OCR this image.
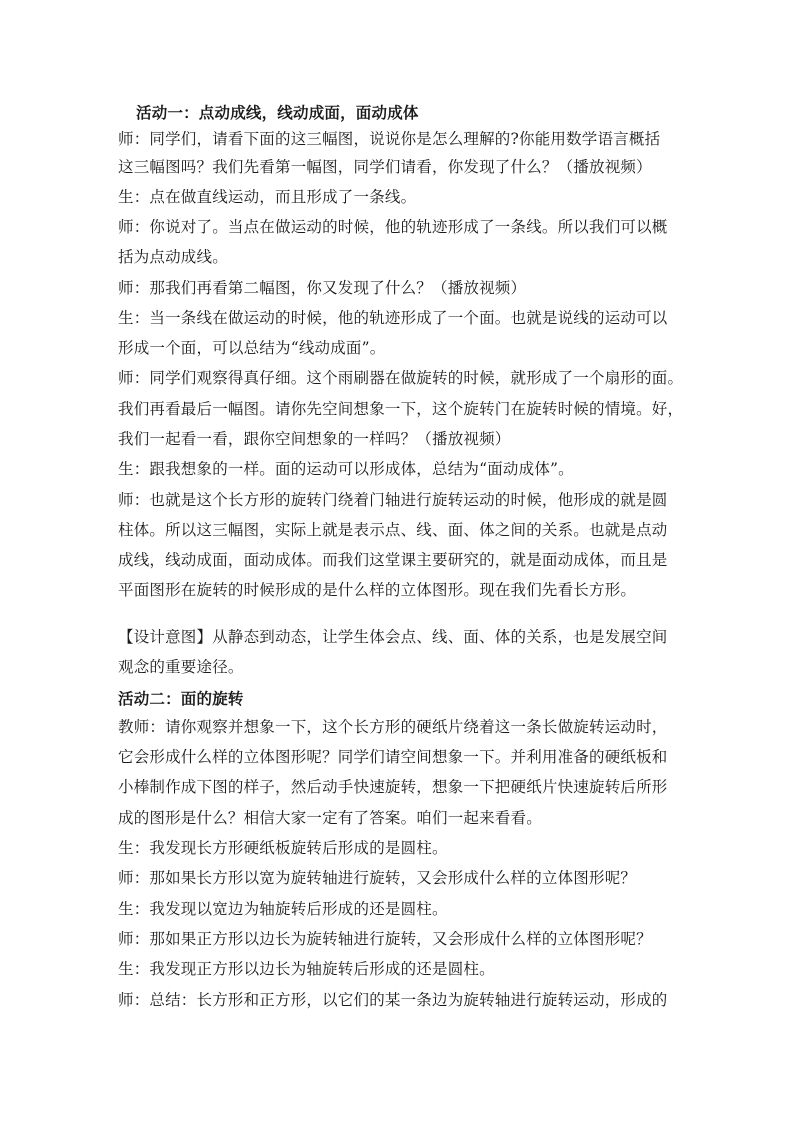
活动一：点动成线，线动成面，面动成体
师：同学们，请看下面的这三幅图，说说你是怎么理解的?你能用数学语言概括
这三幅图吗？我们先看第一幅图，同学们请看，你发现了什么？（播放视频）
生：点在做直线运动，而且形成了一条线。
师：你说对了。当点在做运动的时候，他的轨迹形成了一条线。所以我们可以概
括为点动成线。
师：那我们再看第二幅图，你又发现了什么？（播放视频）
生：当一条线在做运动的时候，他的轨迹形成了一个面。也就是说线的运动可以
形成一个面，可以总结为“线动成面”。
师：同学们观察得真仔细。这个雨刷器在做旋转的时候，就形成了一个扇形的面。
我们再看最后一幅图。请你先空间想象一下，这个旋转门在旋转时候的情境。好，
我们一起看一看，跟你空间想象的一样吗？（播放视频）
生：跟我想象的一样。面的运动可以形成体，总结为“面动成体”。
师：也就是这个长方形的旋转门绕着门轴进行旋转运动的时候，他形成的就是圆
柱体。所以这三幅图，实际上就是表示点、线、面、体之间的关系。也就是点动
成线，线动成面，面动成体。而我们这堂课主要研究的，就是面动成体，而且是
平面图形在旋转的时候形成的是什么样的立体图形。现在我们先看长方形。
【设计意图】从静态到动态，让学生体会点、线、面、体的关系，也是发展空间
观念的重要途径。
活动二：面的旋转
教师：请你观察并想象一下，这个长方形的硬纸片绕着这一条长做旋转运动时，
它会形成什么样的立体图形呢？同学们请空间想象一下。并利用准备的硬纸板和
小棒制作成下图的样子，然后动手快速旋转，想象一下把硬纸片快速旋转后所形
成的图形是什么？相信大家一定有了答案。咱们一起来看看。
生：我发现长方形硬纸板旋转后形成的是圆柱。
师：那如果长方形以宽为旋转轴进行旋转，又会形成什么样的立体图形呢？
生：我发现以宽边为轴旋转后形成的还是圆柱。
师：那如果正方形以边长为旋转轴进行旋转，又会形成什么样的立体图形呢？
生：我发现正方形以边长为轴旋转后形成的还是圆柱。
师：总结：长方形和正方形，以它们的某一条边为旋转轴进行旋转运动，形成的
